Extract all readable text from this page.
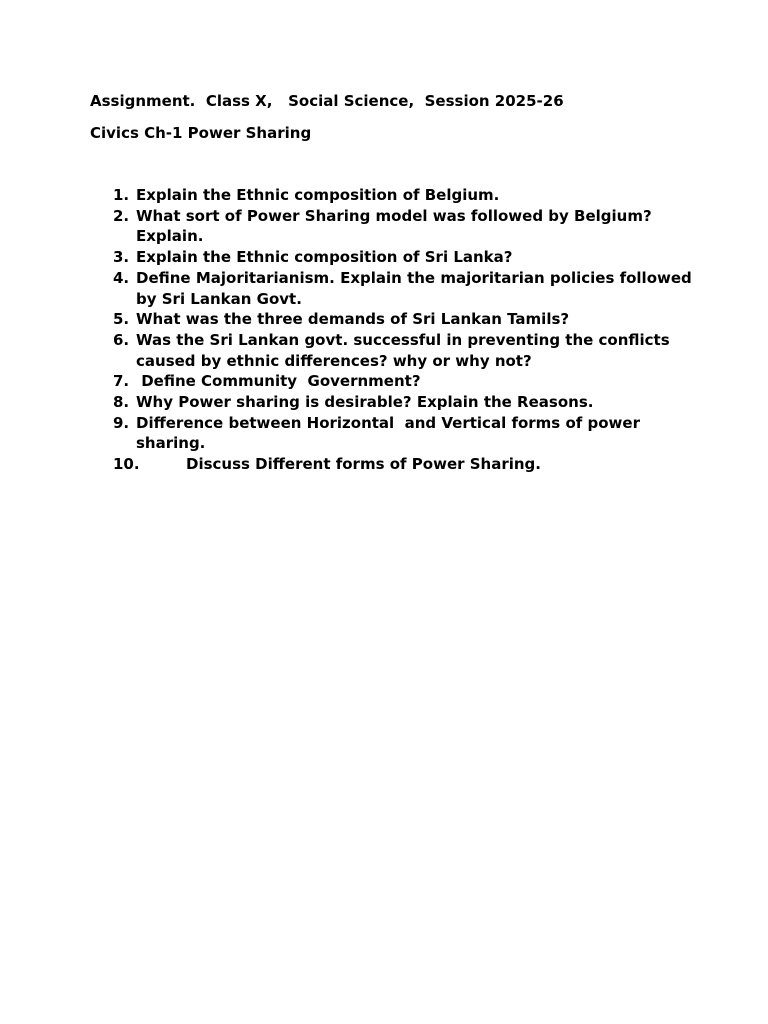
Assignment.  Class X,   Social Science,  Session 2025-26

Civics Ch-1 Power Sharing

1. Explain the Ethnic composition of Belgium.
2. What sort of Power Sharing model was followed by Belgium? Explain.
3. Explain the Ethnic composition of Sri Lanka?
4. Define Majoritarianism. Explain the majoritarian policies followed by Sri Lankan Govt.
5. What was the three demands of Sri Lankan Tamils?
6. Was the Sri Lankan govt. successful in preventing the conflicts caused by ethnic differences? why or why not?
7. Define Community  Government?
8. Why Power sharing is desirable? Explain the Reasons.
9. Difference between Horizontal  and Vertical forms of power sharing.
10.	Discuss Different forms of Power Sharing.
